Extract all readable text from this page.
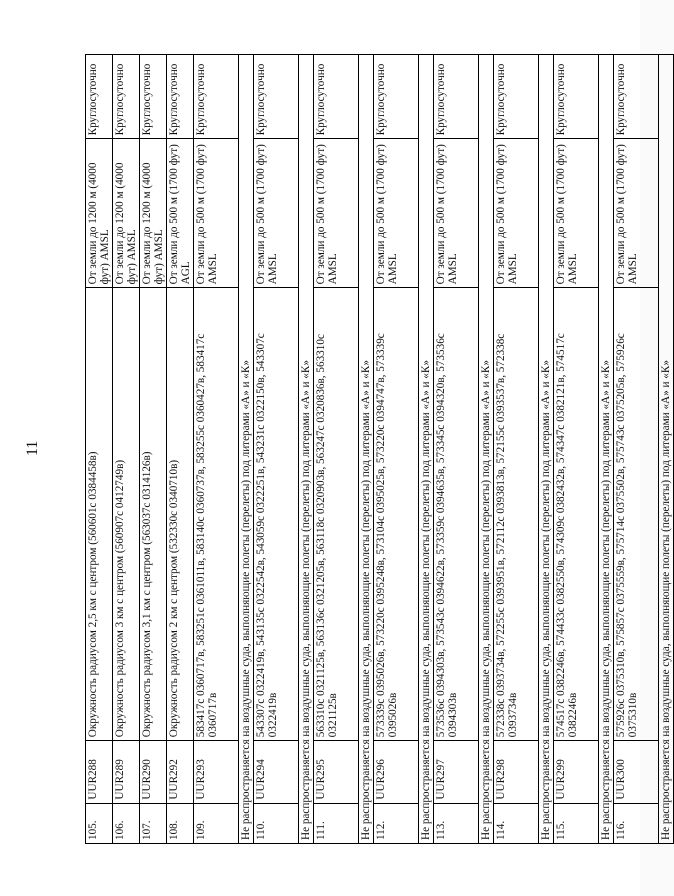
11
105.	UUR288	Окружность радиусом 2,5 км с центром (560601с 0384458в)	От земли до 1200 м (4000 фут) AMSL	Круглосуточно
106.	UUR289	Окружность радиусом 3 км с центром (560907с 0412749в)	От земли до 1200 м (4000 фут) AMSL	Круглосуточно
107.	UUR290	Окружность радиусом 3,1 км с центром (563037с 0314126в)	От земли до 1200 м (4000 фут) AMSL	Круглосуточно
108.	UUR292	Окружность радиусом 2 км с центром (532330с 0340710в)	От земли до 500 м (1700 фут) AGL	Круглосуточно
109.	UUR293	583417с 0360717в, 583251с 0361011в, 583140с 0360737в, 583255с 0360427в, 583417с 0360717в	От земли до 500 м (1700 фут) AMSL	Круглосуточно
Не распространяется на воздушные суда, выполняющие полеты (перелеты) под литерами «А» и «К»				
110.	UUR294	543307с 0322419в, 543135с 0322542в, 543059с 0322251в, 543231с 0322150в, 543307с 0322419в	От земли до 500 м (1700 фут) AMSL	Круглосуточно
Не распространяется на воздушные суда, выполняющие полеты (перелеты) под литерами «А» и «К»				
111.	UUR295	563310с 0321125в, 563136с 0321205в, 563118с 0320903в, 563247с 0320836в, 563310с 0321125в	От земли до 500 м (1700 фут) AMSL	Круглосуточно
Не распространяется на воздушные суда, выполняющие полеты (перелеты) под литерами «А» и «К»				
112.	UUR296	573339с 0395026в, 573220с 0395248в, 573104с 0395025в, 573220с 0394747в, 573339с 0395026в	От земли до 500 м (1700 фут) AMSL	Круглосуточно
Не распространяется на воздушные суда, выполняющие полеты (перелеты) под литерами «А» и «К»				
113.	UUR297	573536с 0394303в, 573543с 0394622в, 573359с 0394635в, 573345с 0394320в, 573536с 0394303в	От земли до 500 м (1700 фут) AMSL	Круглосуточно
Не распространяется на воздушные суда, выполняющие полеты (перелеты) под литерами «А» и «К»				
114.	UUR298	572338с 0393734в, 572255с 0393951в, 572112с 0393813в, 572155с 0393537в, 572338с 0393734в	От земли до 500 м (1700 фут) AMSL	Круглосуточно
Не распространяется на воздушные суда, выполняющие полеты (перелеты) под литерами «А» и «К»				
115.	UUR299	574517с 0382246в, 574433с 0382550в, 574309с 0382432в, 574347с 0382121в, 574517с 0382246в	От земли до 500 м (1700 фут) AMSL	Круглосуточно
Не распространяется на воздушные суда, выполняющие полеты (перелеты) под литерами «А» и «К»				
116.	UUR300	575926с 0375310в, 575857с 0375559в, 575714с 0375502в, 575743с 0375205в, 575926с 0375310в	От земли до 500 м (1700 фут) AMSL	Круглосуточно
Не распространяется на воздушные суда, выполняющие полеты (перелеты) под литерами «А» и «К»				
